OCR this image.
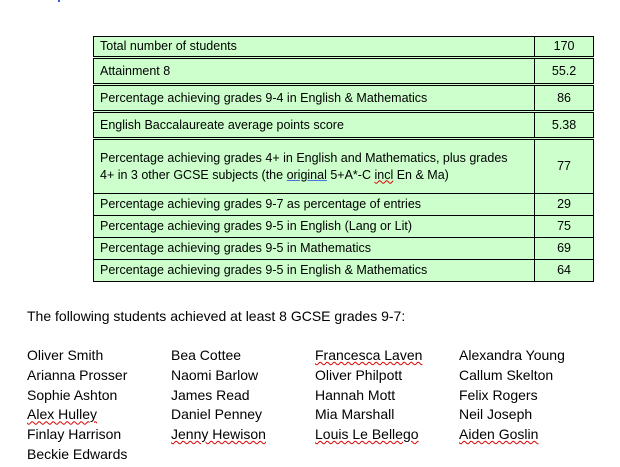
Total number of students	170
Attainment 8	55.2
Percentage achieving grades 9-4 in English & Mathematics	86
English Baccalaureate average points score	5.38
Percentage achieving grades 4+ in English and Mathematics, plus grades
4+ in 3 other GCSE subjects (the original 5+A*-C incl En & Ma)	77
Percentage achieving grades 9-7 as percentage of entries	29
Percentage achieving grades 9-5 in English (Lang or Lit)	75
Percentage achieving grades 9-5 in Mathematics	69
Percentage achieving grades 9-5 in English & Mathematics	64

The following students achieved at least 8 GCSE grades 9-7:

Oliver Smith
Arianna Prosser
Sophie Ashton
Alex Hulley
Finlay Harrison
Beckie Edwards
Bea Cottee
Naomi Barlow
James Read
Daniel Penney
Jenny Hewison
Francesca Laven
Oliver Philpott
Hannah Mott
Mia Marshall
Louis Le Bellego
Alexandra Young
Callum Skelton
Felix Rogers
Neil Joseph
Aiden Goslin
